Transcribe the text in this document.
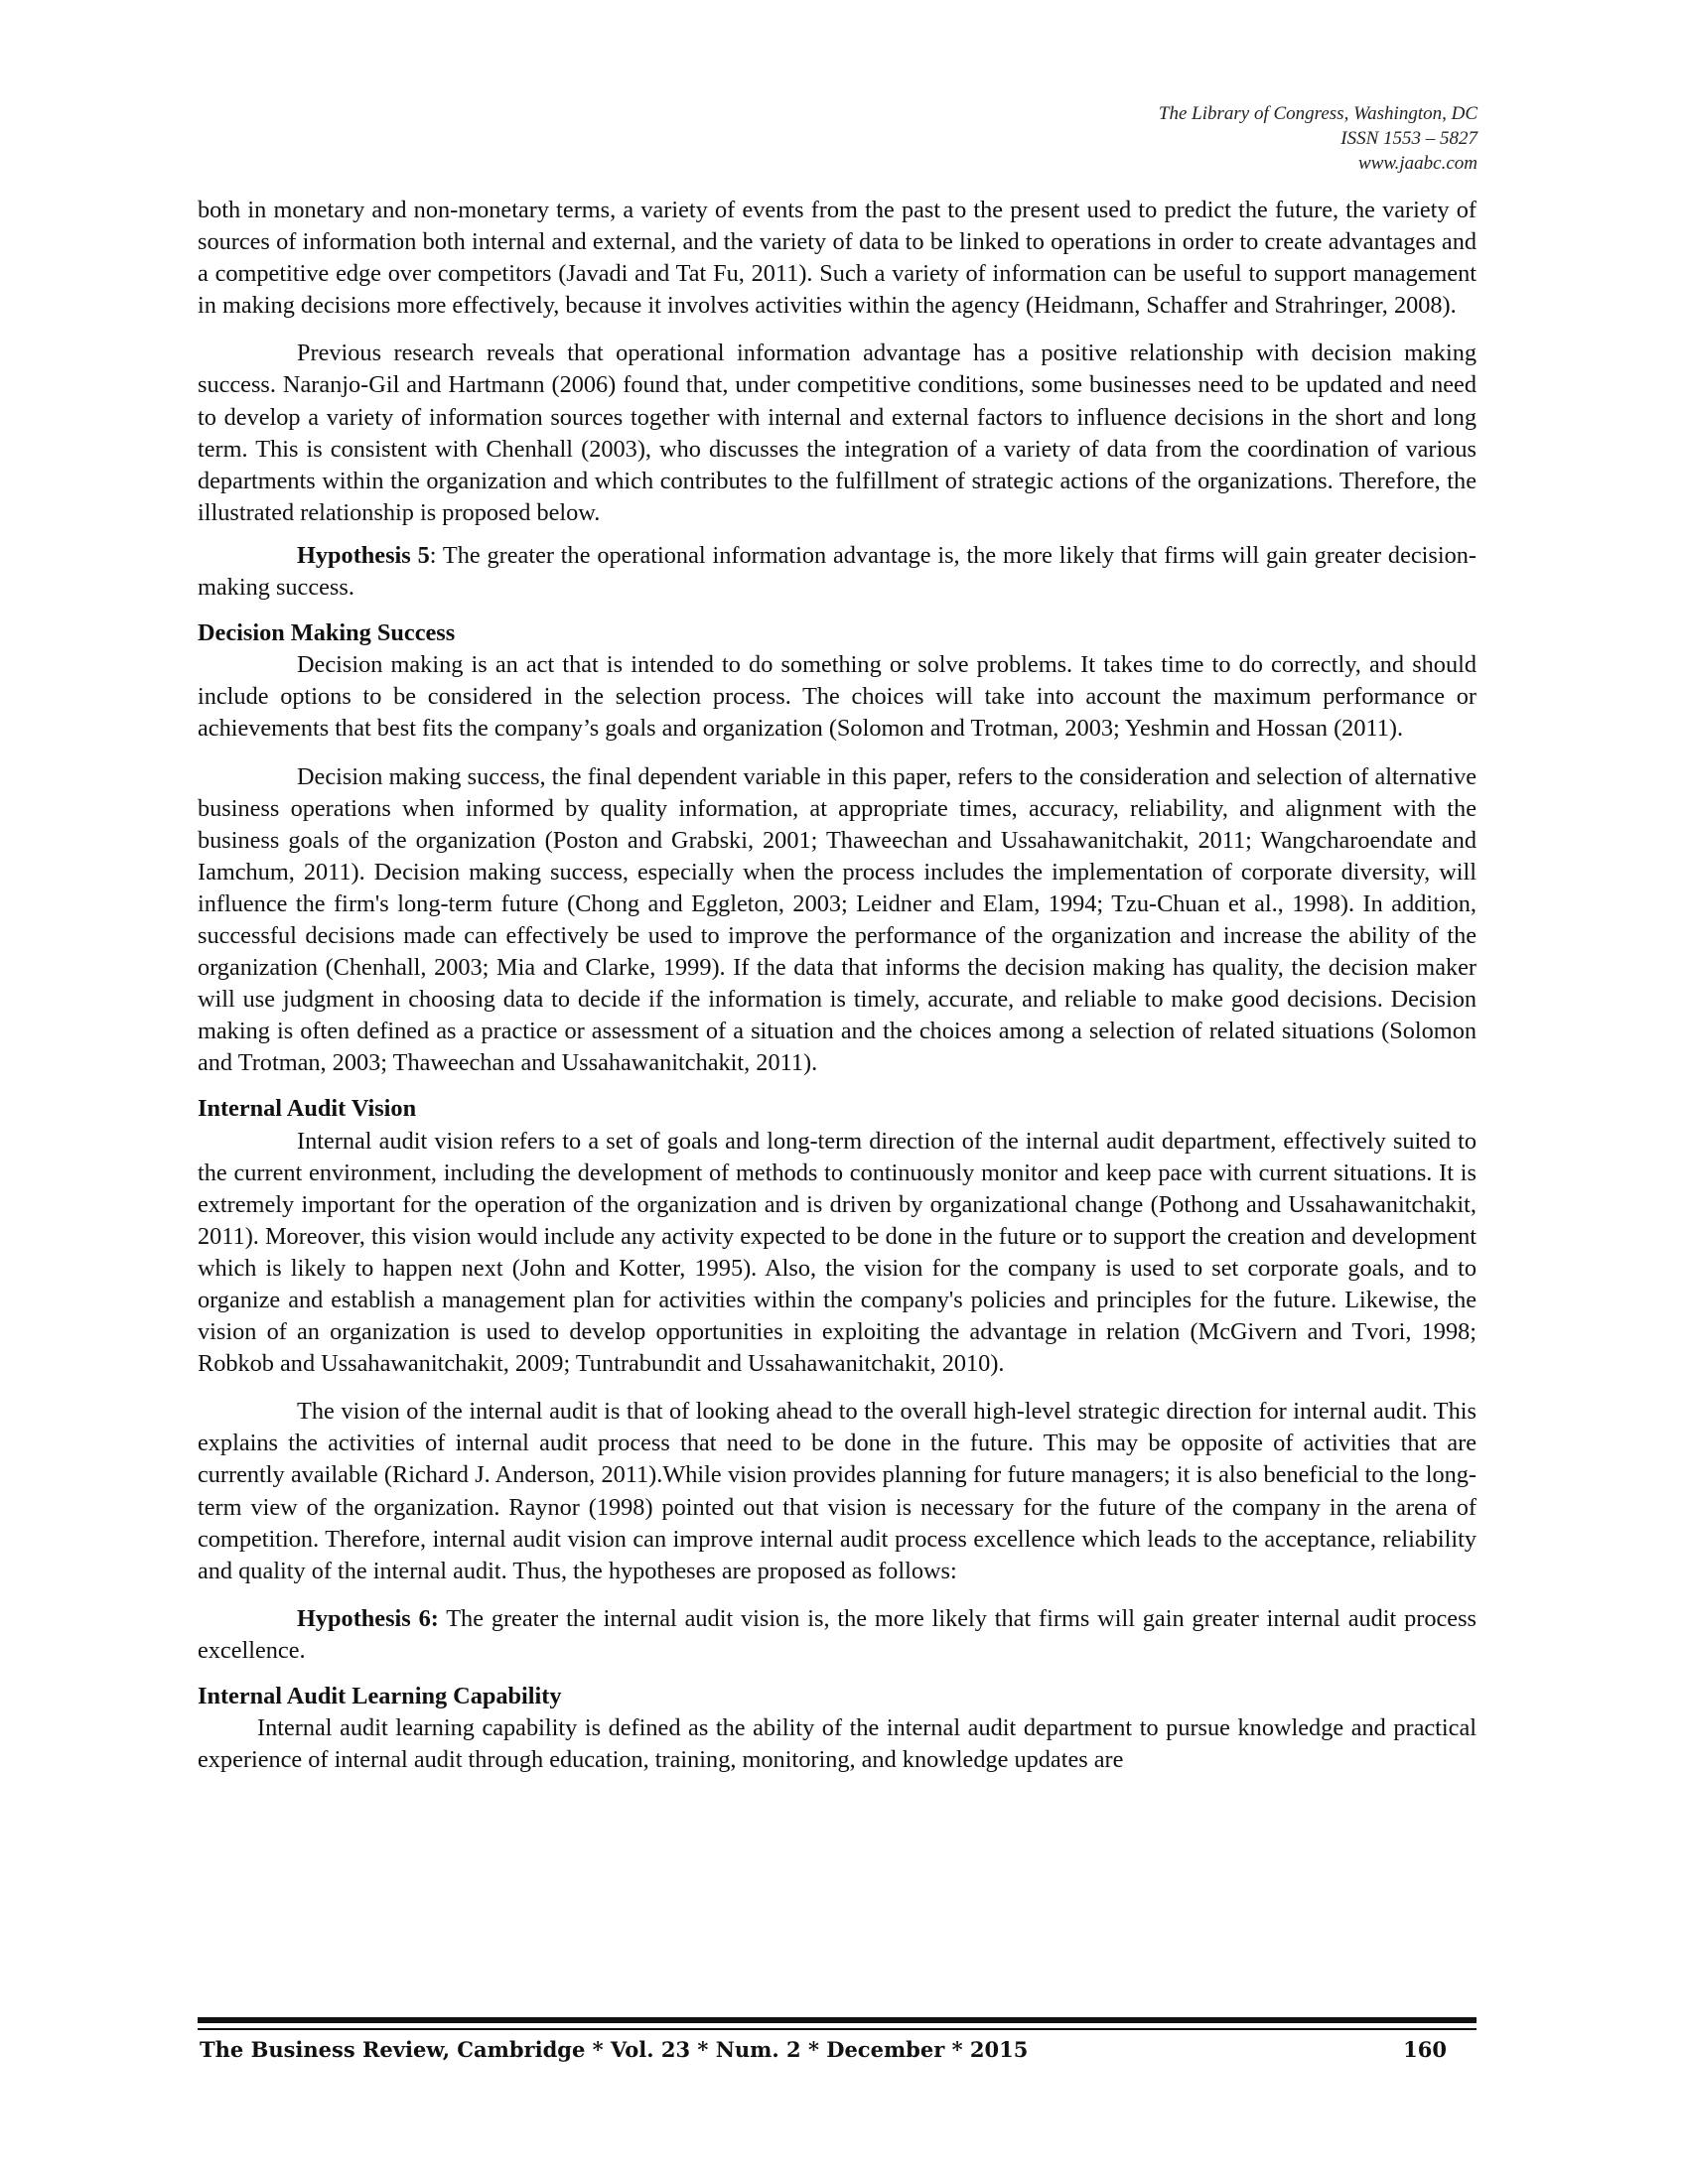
The Library of Congress, Washington, DC
ISSN 1553 – 5827
www.jaabc.com

both in monetary and non-monetary terms, a variety of events from the past to the present used to predict the future, the variety of sources of information both internal and external, and the variety of data to be linked to operations in order to create advantages and a competitive edge over competitors (Javadi and Tat Fu, 2011). Such a variety of information can be useful to support management in making decisions more effectively, because it involves activities within the agency (Heidmann, Schaffer and Strahringer, 2008).

Previous research reveals that operational information advantage has a positive relationship with decision making success. Naranjo-Gil and Hartmann (2006) found that, under competitive conditions, some businesses need to be updated and need to develop a variety of information sources together with internal and external factors to influence decisions in the short and long term. This is consistent with Chenhall (2003), who discusses the integration of a variety of data from the coordination of various departments within the organization and which contributes to the fulfillment of strategic actions of the organizations. Therefore, the illustrated relationship is proposed below.

Hypothesis 5: The greater the operational information advantage is, the more likely that firms will gain greater decision-making success.

Decision Making Success

Decision making is an act that is intended to do something or solve problems. It takes time to do correctly, and should include options to be considered in the selection process. The choices will take into account the maximum performance or achievements that best fits the company’s goals and organization (Solomon and Trotman, 2003; Yeshmin and Hossan (2011).

Decision making success, the final dependent variable in this paper, refers to the consideration and selection of alternative business operations when informed by quality information, at appropriate times, accuracy, reliability, and alignment with the business goals of the organization (Poston and Grabski, 2001; Thaweechan and Ussahawanitchakit, 2011; Wangcharoendate and Iamchum, 2011). Decision making success, especially when the process includes the implementation of corporate diversity, will influence the firm's long-term future (Chong and Eggleton, 2003; Leidner and Elam, 1994; Tzu-Chuan et al., 1998). In addition, successful decisions made can effectively be used to improve the performance of the organization and increase the ability of the organization (Chenhall, 2003; Mia and Clarke, 1999). If the data that informs the decision making has quality, the decision maker will use judgment in choosing data to decide if the information is timely, accurate, and reliable to make good decisions. Decision making is often defined as a practice or assessment of a situation and the choices among a selection of related situations (Solomon and Trotman, 2003; Thaweechan and Ussahawanitchakit, 2011).

Internal Audit Vision

Internal audit vision refers to a set of goals and long-term direction of the internal audit department, effectively suited to the current environment, including the development of methods to continuously monitor and keep pace with current situations. It is extremely important for the operation of the organization and is driven by organizational change (Pothong and Ussahawanitchakit, 2011). Moreover, this vision would include any activity expected to be done in the future or to support the creation and development which is likely to happen next (John and Kotter, 1995). Also, the vision for the company is used to set corporate goals, and to organize and establish a management plan for activities within the company's policies and principles for the future. Likewise, the vision of an organization is used to develop opportunities in exploiting the advantage in relation (McGivern and Tvori, 1998; Robkob and Ussahawanitchakit, 2009; Tuntrabundit and Ussahawanitchakit, 2010).

The vision of the internal audit is that of looking ahead to the overall high-level strategic direction for internal audit. This explains the activities of internal audit process that need to be done in the future. This may be opposite of activities that are currently available (Richard J. Anderson, 2011).While vision provides planning for future managers; it is also beneficial to the long-term view of the organization. Raynor (1998) pointed out that vision is necessary for the future of the company in the arena of competition. Therefore, internal audit vision can improve internal audit process excellence which leads to the acceptance, reliability and quality of the internal audit. Thus, the hypotheses are proposed as follows:

Hypothesis 6: The greater the internal audit vision is, the more likely that firms will gain greater internal audit process excellence.

Internal Audit Learning Capability

Internal audit learning capability is defined as the ability of the internal audit department to pursue knowledge and practical experience of internal audit through education, training, monitoring, and knowledge updates are

The Business Review, Cambridge * Vol. 23 * Num. 2 * December * 2015	160
